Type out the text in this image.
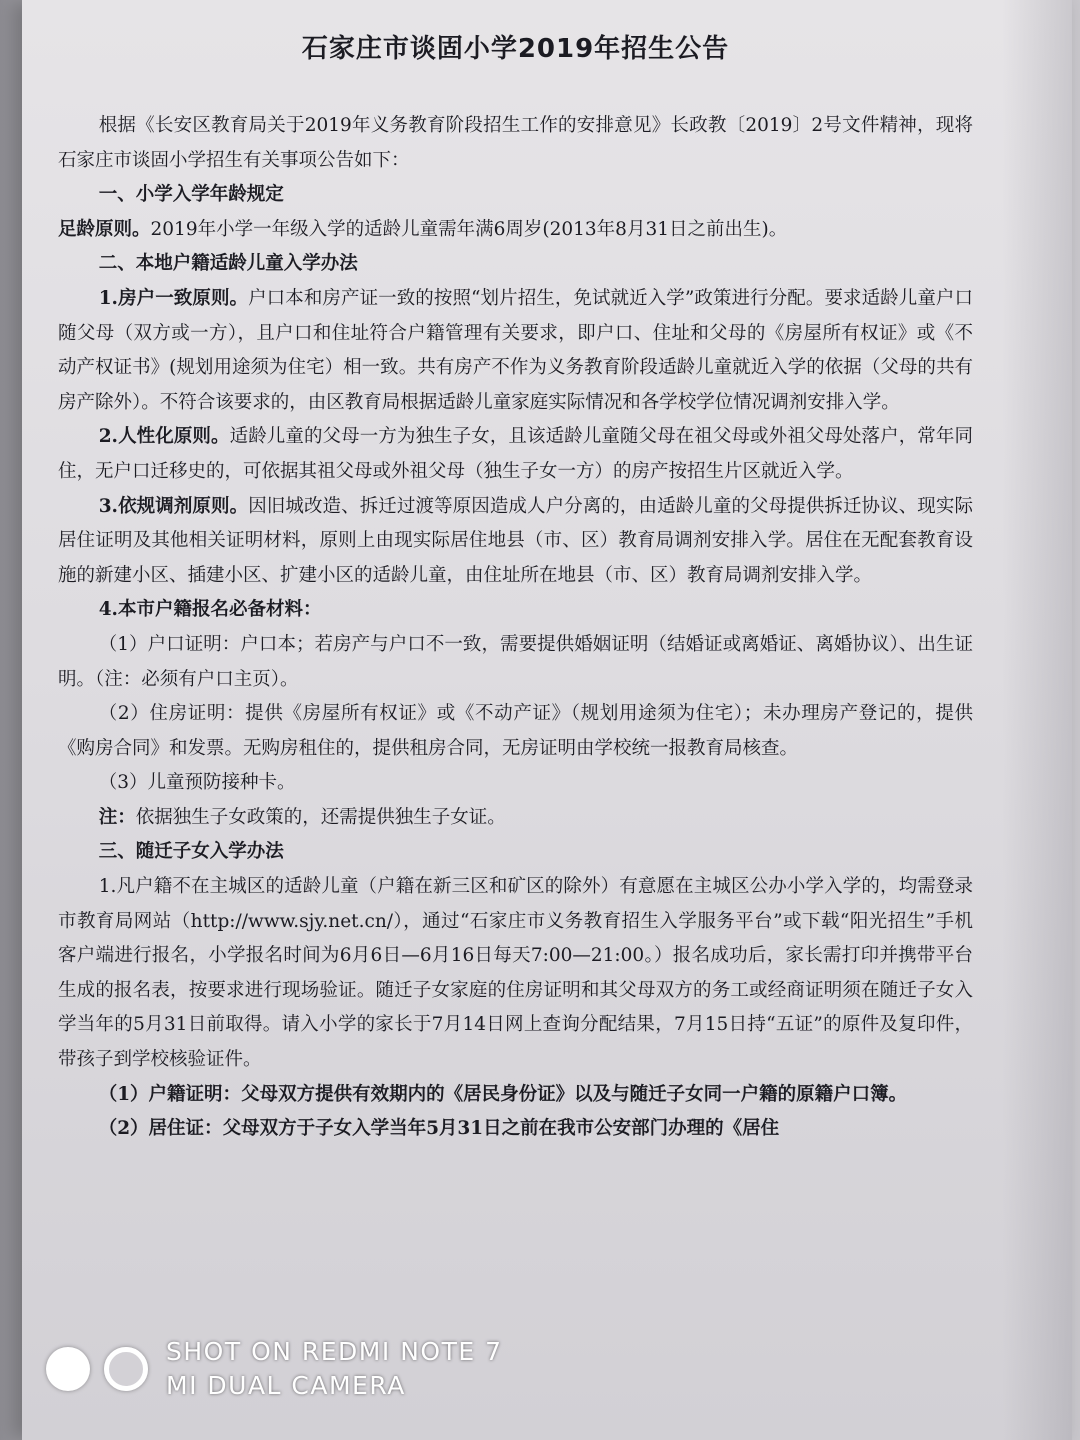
石家庄市谈固小学2019年招生公告

根据《长安区教育局关于2019年义务教育阶段招生工作的安排意见》长政教〔2019〕2号文件精神，现将石家庄市谈固小学招生有关事项公告如下：

一、小学入学年龄规定

足龄原则。2019年小学一年级入学的适龄儿童需年满6周岁(2013年8月31日之前出生)。

二、本地户籍适龄儿童入学办法

1.房户一致原则。户口本和房产证一致的按照“划片招生，免试就近入学”政策进行分配。要求适龄儿童户口随父母（双方或一方），且户口和住址符合户籍管理有关要求，即户口、住址和父母的《房屋所有权证》或《不动产权证书》(规划用途须为住宅）相一致。共有房产不作为义务教育阶段适龄儿童就近入学的依据（父母的共有房产除外）。不符合该要求的，由区教育局根据适龄儿童家庭实际情况和各学校学位情况调剂安排入学。

2.人性化原则。适龄儿童的父母一方为独生子女，且该适龄儿童随父母在祖父母或外祖父母处落户，常年同住，无户口迁移史的，可依据其祖父母或外祖父母（独生子女一方）的房产按招生片区就近入学。

3.依规调剂原则。因旧城改造、拆迁过渡等原因造成人户分离的，由适龄儿童的父母提供拆迁协议、现实际居住证明及其他相关证明材料，原则上由现实际居住地县（市、区）教育局调剂安排入学。居住在无配套教育设施的新建小区、插建小区、扩建小区的适龄儿童，由住址所在地县（市、区）教育局调剂安排入学。

4.本市户籍报名必备材料：

（1）户口证明：户口本；若房产与户口不一致，需要提供婚姻证明（结婚证或离婚证、离婚协议）、出生证明。（注：必须有户口主页）。

（2）住房证明：提供《房屋所有权证》或《不动产证》（规划用途须为住宅）；未办理房产登记的，提供《购房合同》和发票。无购房租住的，提供租房合同，无房证明由学校统一报教育局核查。

（3）儿童预防接种卡。

注：依据独生子女政策的，还需提供独生子女证。

三、随迁子女入学办法

1.凡户籍不在主城区的适龄儿童（户籍在新三区和矿区的除外）有意愿在主城区公办小学入学的，均需登录市教育局网站（http://www.sjy.net.cn/），通过“石家庄市义务教育招生入学服务平台”或下载“阳光招生”手机客户端进行报名，小学报名时间为6月6日—6月16日每天7:00—21:00。）报名成功后，家长需打印并携带平台生成的报名表，按要求进行现场验证。随迁子女家庭的住房证明和其父母双方的务工或经商证明须在随迁子女入学当年的5月31日前取得。请入小学的家长于7月14日网上查询分配结果，7月15日持“五证”的原件及复印件，带孩子到学校核验证件。

（1）户籍证明：父母双方提供有效期内的《居民身份证》以及与随迁子女同一户籍的原籍户口簿。

（2）居住证：父母双方于子女入学当年5月31日之前在我市公安部门办理的《居住

SHOT ON REDMI NOTE 7
MI DUAL CAMERA
